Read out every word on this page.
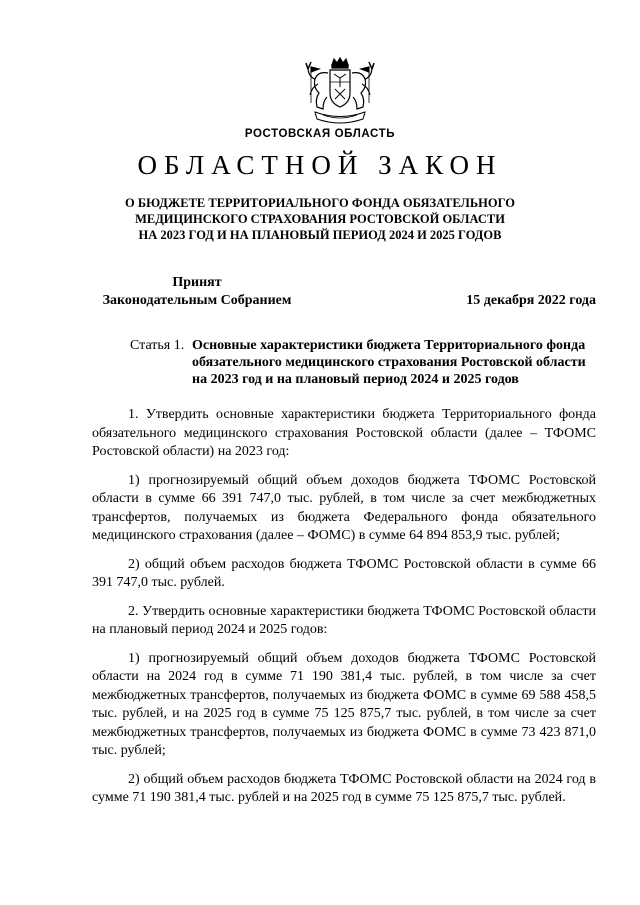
РОСТОВСКАЯ ОБЛАСТЬ
ОБЛАСТНОЙ ЗАКОН
О БЮДЖЕТЕ ТЕРРИТОРИАЛЬНОГО ФОНДА ОБЯЗАТЕЛЬНОГО
МЕДИЦИНСКОГО СТРАХОВАНИЯ РОСТОВСКОЙ ОБЛАСТИ
НА 2023 ГОД И НА ПЛАНОВЫЙ ПЕРИОД 2024 И 2025 ГОДОВ
Принят
Законодательным Собранием	15 декабря 2022 года
Статья 1. Основные характеристики бюджета Территориального фонда обязательного медицинского страхования Ростовской области на 2023 год и на плановый период 2024 и 2025 годов

1. Утвердить основные характеристики бюджета Территориального фонда обязательного медицинского страхования Ростовской области (далее – ТФОМС Ростовской области) на 2023 год:

1) прогнозируемый общий объем доходов бюджета ТФОМС Ростовской области в сумме 66 391 747,0 тыс. рублей, в том числе за счет межбюджетных трансфертов, получаемых из бюджета Федерального фонда обязательного медицинского страхования (далее – ФОМС) в сумме 64 894 853,9 тыс. рублей;

2) общий объем расходов бюджета ТФОМС Ростовской области в сумме 66 391 747,0 тыс. рублей.

2. Утвердить основные характеристики бюджета ТФОМС Ростовской области на плановый период 2024 и 2025 годов:

1) прогнозируемый общий объем доходов бюджета ТФОМС Ростовской области на 2024 год в сумме 71 190 381,4 тыс. рублей, в том числе за счет межбюджетных трансфертов, получаемых из бюджета ФОМС в сумме 69 588 458,5 тыс. рублей, и на 2025 год в сумме 75 125 875,7 тыс. рублей, в том числе за счет межбюджетных трансфертов, получаемых из бюджета ФОМС в сумме 73 423 871,0 тыс. рублей;

2) общий объем расходов бюджета ТФОМС Ростовской области на 2024 год в сумме 71 190 381,4 тыс. рублей и на 2025 год в сумме 75 125 875,7 тыс. рублей.
